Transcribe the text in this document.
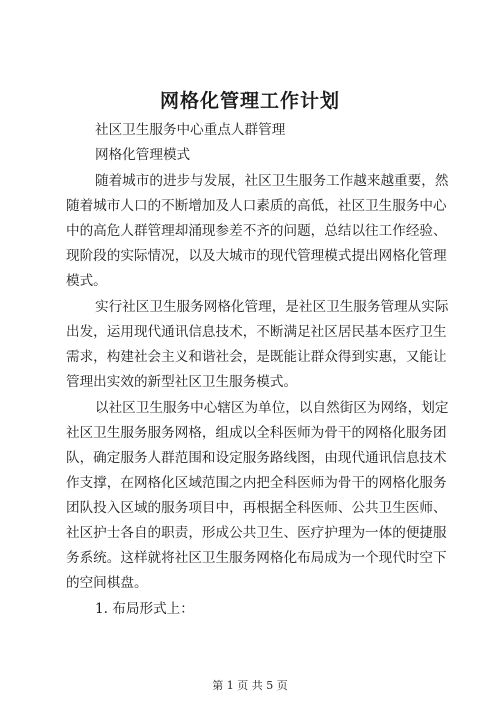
网格化管理工作计划
社区卫生服务中心重点人群管理
网格化管理模式
随着城市的进步与发展，社区卫生服务工作越来越重要，然
随着城市人口的不断增加及人口素质的高低，社区卫生服务中心
中的高危人群管理却涌现参差不齐的问题，总结以往工作经验、
现阶段的实际情况，以及大城市的现代管理模式提出网格化管理
模式。
实行社区卫生服务网格化管理，是社区卫生服务管理从实际
出发，运用现代通讯信息技术，不断满足社区居民基本医疗卫生
需求，构建社会主义和谐社会，是既能让群众得到实惠，又能让
管理出实效的新型社区卫生服务模式。
以社区卫生服务中心辖区为单位，以自然街区为网络，划定
社区卫生服务服务网格，组成以全科医师为骨干的网格化服务团
队，确定服务人群范围和设定服务路线图，由现代通讯信息技术
作支撑，在网格化区域范围之内把全科医师为骨干的网格化服务
团队投入区域的服务项目中，再根据全科医师、公共卫生医师、
社区护士各自的职责，形成公共卫生、医疗护理为一体的便捷服
务系统。这样就将社区卫生服务网格化布局成为一个现代时空下
的空间棋盘。
1. 布局形式上：
第 1 页 共 5 页
